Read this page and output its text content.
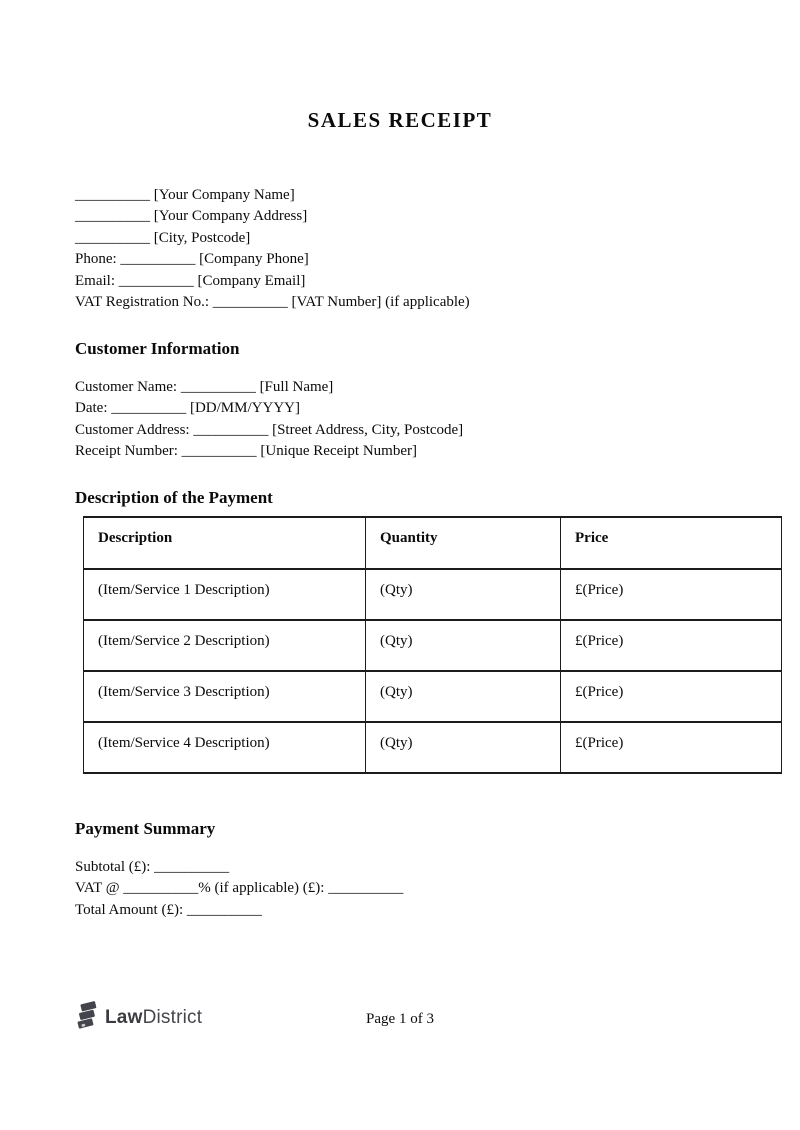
SALES RECEIPT
__________ [Your Company Name]
__________ [Your Company Address]
__________ [City, Postcode]
Phone: __________ [Company Phone]
Email: __________ [Company Email]
VAT Registration No.: __________ [VAT Number] (if applicable)
Customer Information
Customer Name: __________ [Full Name]
Date: __________ [DD/MM/YYYY]
Customer Address: __________ [Street Address, City, Postcode]
Receipt Number: __________ [Unique Receipt Number]
Description of the Payment
Description	Quantity	Price
(Item/Service 1 Description)	(Qty)	£(Price)
(Item/Service 2 Description)	(Qty)	£(Price)
(Item/Service 3 Description)	(Qty)	£(Price)
(Item/Service 4 Description)	(Qty)	£(Price)
Payment Summary
Subtotal (£): __________
VAT @ __________% (if applicable) (£): __________
Total Amount (£): __________
Law District	Page 1 of 3
